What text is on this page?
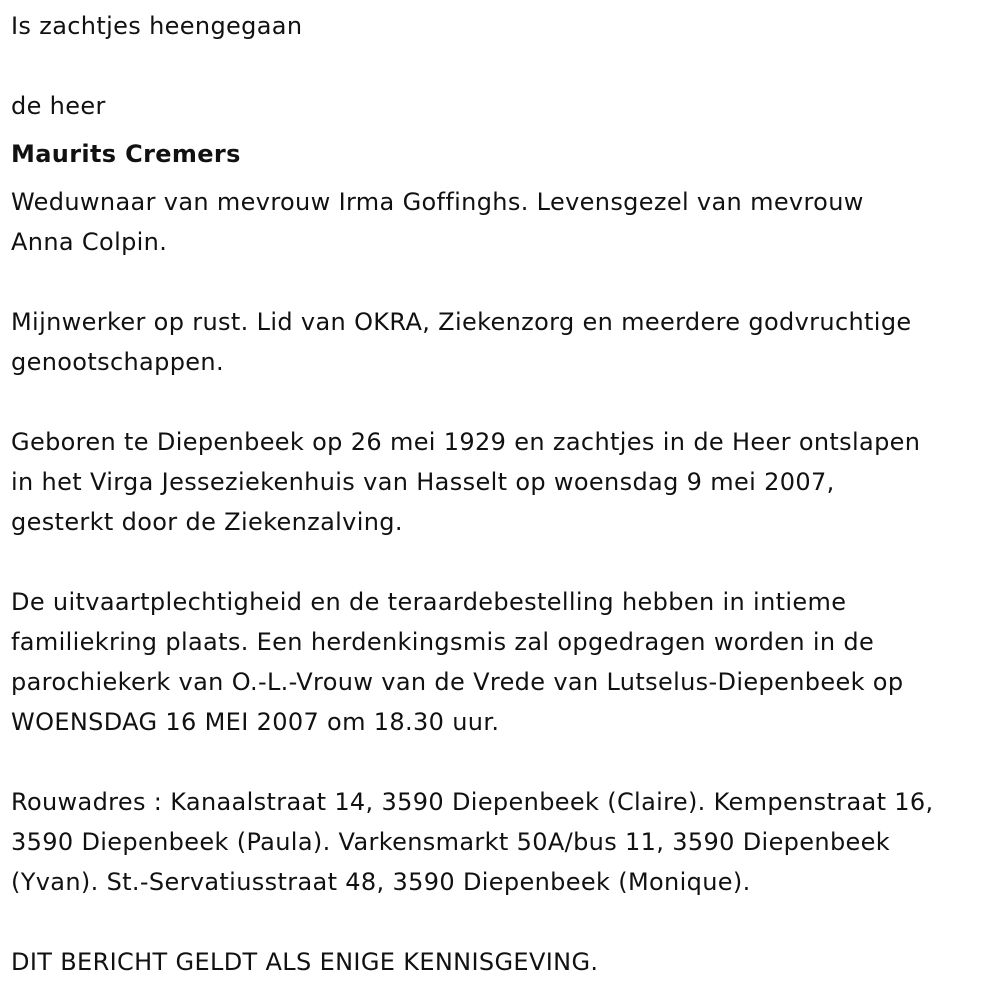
Is zachtjes heengegaan
de heer
Maurits Cremers
Weduwnaar van mevrouw Irma Goffinghs. Levensgezel van mevrouw
Anna Colpin.
Mijnwerker op rust. Lid van OKRA, Ziekenzorg en meerdere godvruchtige
genootschappen.
Geboren te Diepenbeek op 26 mei 1929 en zachtjes in de Heer ontslapen
in het Virga Jesseziekenhuis van Hasselt op woensdag 9 mei 2007,
gesterkt door de Ziekenzalving.
De uitvaartplechtigheid en de teraardebestelling hebben in intieme
familiekring plaats. Een herdenkingsmis zal opgedragen worden in de
parochiekerk van O.-L.-Vrouw van de Vrede van Lutselus-Diepenbeek op
WOENSDAG 16 MEI 2007 om 18.30 uur.
Rouwadres : Kanaalstraat 14, 3590 Diepenbeek (Claire). Kempenstraat 16,
3590 Diepenbeek (Paula). Varkensmarkt 50A/bus 11, 3590 Diepenbeek
(Yvan). St.-Servatiusstraat 48, 3590 Diepenbeek (Monique).
DIT BERICHT GELDT ALS ENIGE KENNISGEVING.
